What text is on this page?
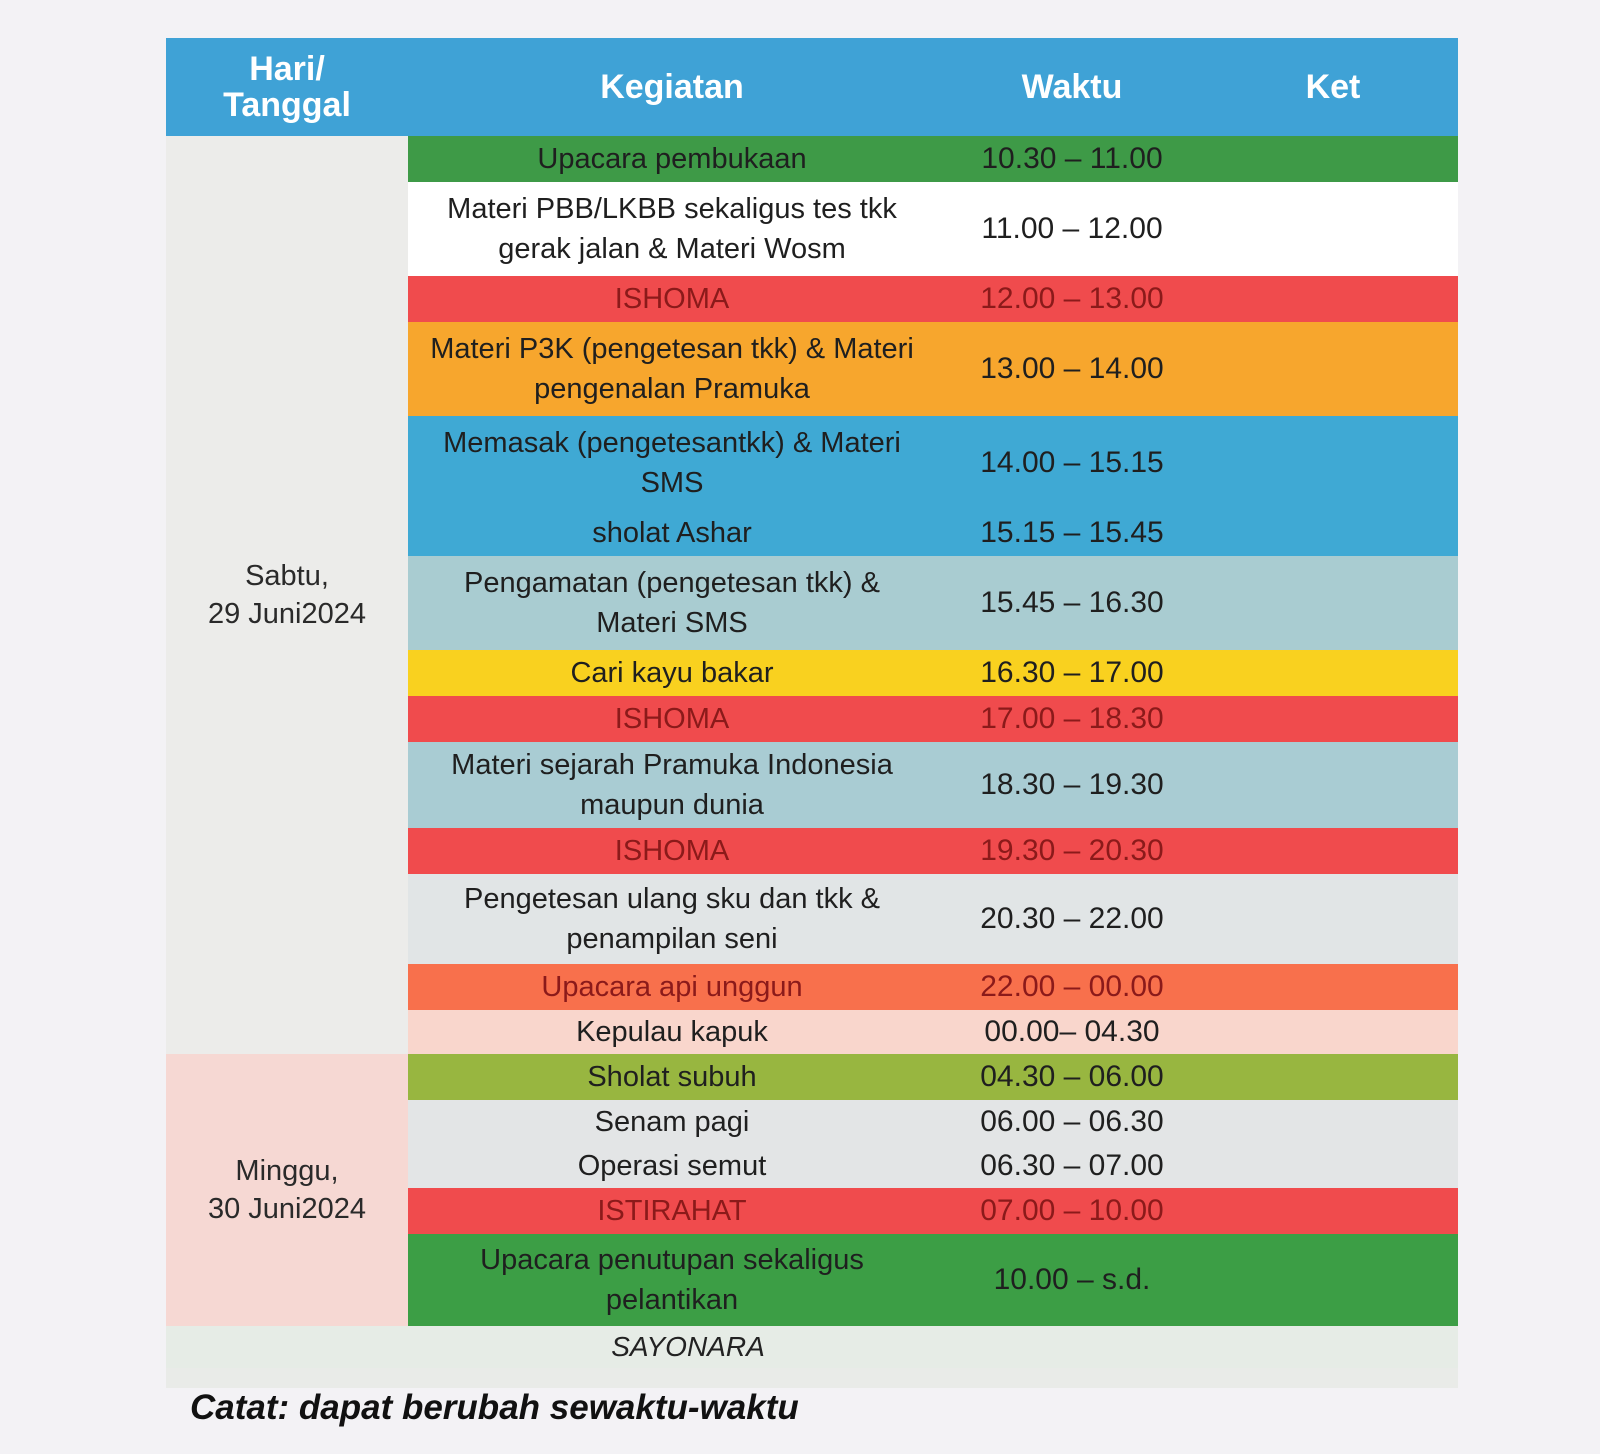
Hari/ Tanggal	Kegiatan	Waktu	Ket
Sabtu,
29 Juni2024	Upacara pembukaan	10.30 – 11.00	
	Materi PBB/LKBB sekaligus tes tkk gerak jalan & Materi Wosm	11.00 – 12.00	
	ISHOMA	12.00 – 13.00	
	Materi P3K (pengetesan tkk) & Materi pengenalan Pramuka	13.00 – 14.00	
	Memasak (pengetesantkk) & Materi SMS	14.00 – 15.15	
	sholat Ashar	15.15 – 15.45	
	Pengamatan (pengetesan tkk) & Materi SMS	15.45 – 16.30	
	Cari kayu bakar	16.30 – 17.00	
	ISHOMA	17.00 – 18.30	
	Materi sejarah Pramuka Indonesia maupun dunia	18.30 – 19.30	
	ISHOMA	19.30 – 20.30	
	Pengetesan ulang sku dan tkk & penampilan seni	20.30 – 22.00	
	Upacara api unggun	22.00 – 00.00	
	Kepulau kapuk	00.00– 04.30	
Minggu,
30 Juni2024	Sholat subuh	04.30 – 06.00	
	Senam pagi	06.00 – 06.30	
	Operasi semut	06.30 – 07.00	
	ISTIRAHAT	07.00 – 10.00	
	Upacara penutupan sekaligus pelantikan	10.00 – s.d.	
	SAYONARA		
Catat: dapat berubah sewaktu-waktu
